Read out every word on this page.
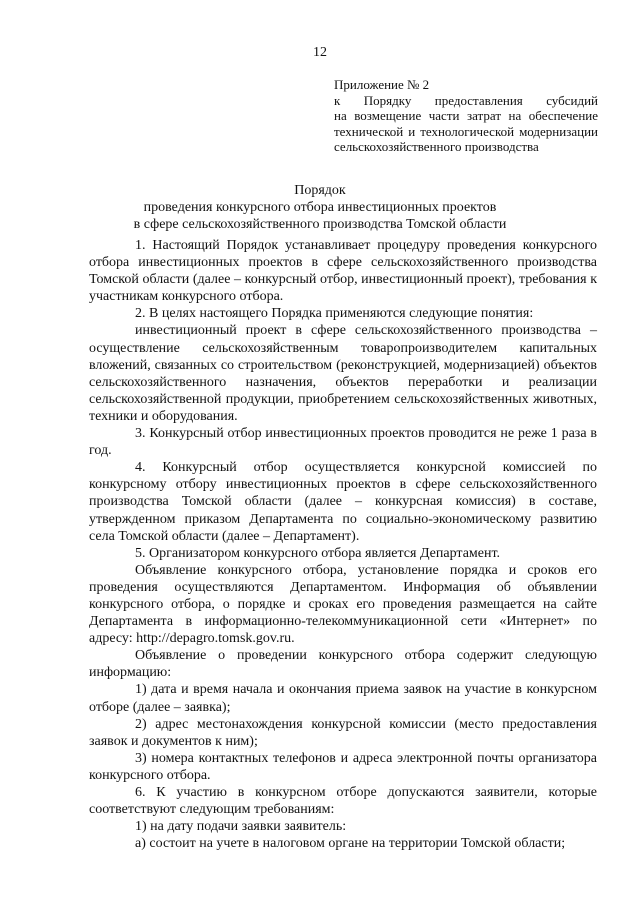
12
Приложение № 2
к Порядку предоставления субсидий
на возмещение части затрат на обеспечение
технической и технологической модернизации
сельскохозяйственного производства
Порядок
проведения конкурсного отбора инвестиционных проектов
в сфере сельскохозяйственного производства Томской области

1. Настоящий Порядок устанавливает процедуру проведения конкурсного отбора инвестиционных проектов в сфере сельскохозяйственного производства Томской области (далее – конкурсный отбор, инвестиционный проект), требования к участникам конкурсного отбора.

2. В целях настоящего Порядка применяются следующие понятия:

инвестиционный проект в сфере сельскохозяйственного производства – осуществление сельскохозяйственным товаропроизводителем капитальных вложений, связанных со строительством (реконструкцией, модернизацией) объектов сельскохозяйственного назначения, объектов переработки и реализации сельскохозяйственной продукции, приобретением сельскохозяйственных животных, техники и оборудования.

3. Конкурсный отбор инвестиционных проектов проводится не реже 1 раза в год.

4. Конкурсный отбор осуществляется конкурсной комиссией по конкурсному отбору инвестиционных проектов в сфере сельскохозяйственного производства Томской области (далее – конкурсная комиссия) в составе, утвержденном приказом Департамента по социально-экономическому развитию села Томской области (далее – Департамент).

5. Организатором конкурсного отбора является Департамент.

Объявление конкурсного отбора, установление порядка и сроков его проведения осуществляются Департаментом. Информация об объявлении конкурсного отбора, о порядке и сроках его проведения размещается на сайте Департамента в информационно-телекоммуникационной сети «Интернет» по адресу: http://depagro.tomsk.gov.ru.

Объявление о проведении конкурсного отбора содержит следующую информацию:

1) дата и время начала и окончания приема заявок на участие в конкурсном отборе (далее – заявка);

2) адрес местонахождения конкурсной комиссии (место предоставления заявок и документов к ним);

3) номера контактных телефонов и адреса электронной почты организатора конкурсного отбора.

6. К участию в конкурсном отборе допускаются заявители, которые соответствуют следующим требованиям:

1) на дату подачи заявки заявитель:

а) состоит на учете в налоговом органе на территории Томской области;
